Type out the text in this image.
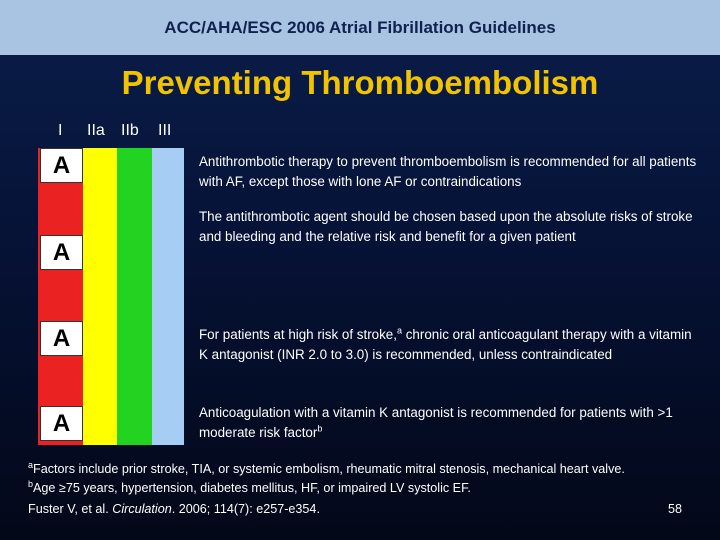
ACC/AHA/ESC 2006 Atrial Fibrillation Guidelines
Preventing Thromboembolism
I IIa IIb III
A
A
A
A
Antithrombotic therapy to prevent thromboembolism is recommended for all patients with AF, except those with lone AF or contraindications
The antithrombotic agent should be chosen based upon the absolute risks of stroke and bleeding and the relative risk and benefit for a given patient
For patients at high risk of stroke,$^a$ chronic oral anticoagulant therapy with a vitamin K antagonist (INR 2.0 to 3.0) is recommended, unless contraindicated
Anticoagulation with a vitamin K antagonist is recommended for patients with >1 moderate risk factor$^b$
$^a$Factors include prior stroke, TIA, or systemic embolism, rheumatic mitral stenosis, mechanical heart valve.
$^b$Age ≥75 years, hypertension, diabetes mellitus, HF, or impaired LV systolic EF.
Fuster V, et al. Circulation. 2006; 114(7): e257-e354.	58
